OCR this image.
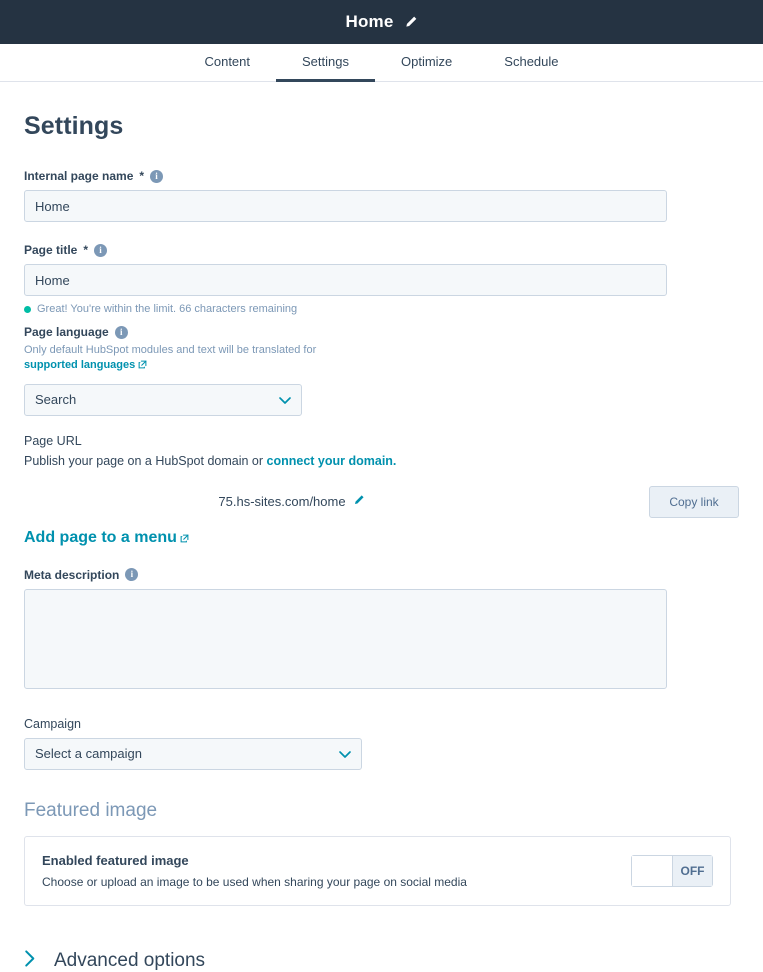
Home
Content	Settings	Optimize	Schedule
Settings
Internal page name *	i
Home
Page title *	i
Home
Great! You're within the limit. 66 characters remaining
Page language	i
Only default HubSpot modules and text will be translated for
supported languages
Search
Page URL
Publish your page on a HubSpot domain or connect your domain.
75.hs-sites.com/home	Copy link
Add page to a menu
Meta description	i
Campaign
Select a campaign
Featured image
Enabled featured image
Choose or upload an image to be used when sharing your page on social media
OFF
Advanced options
